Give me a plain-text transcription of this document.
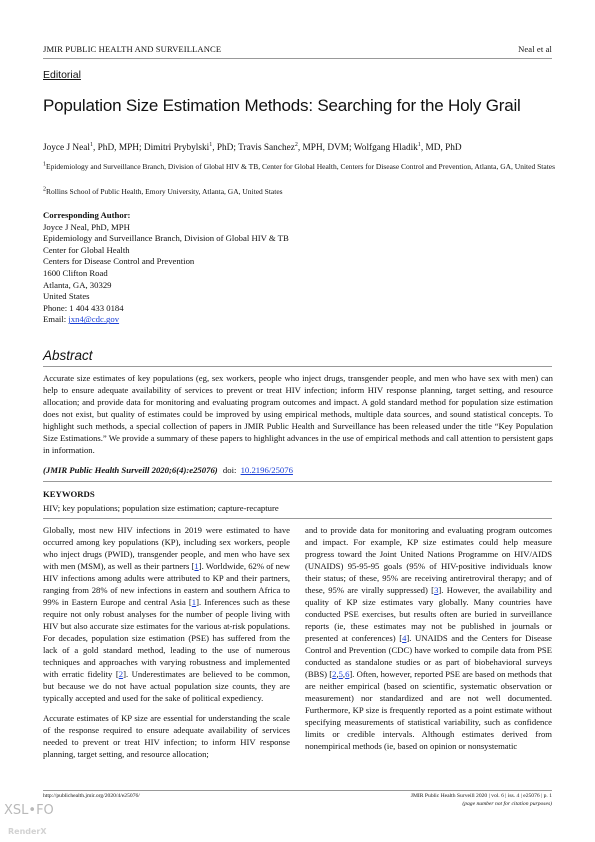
JMIR PUBLIC HEALTH AND SURVEILLANCE	Neal et al
Editorial
Population Size Estimation Methods: Searching for the Holy Grail
Joyce J Neal$^1$, PhD, MPH; Dimitri Prybylski$^1$, PhD; Travis Sanchez$^2$, MPH, DVM; Wolfgang Hladik$^1$, MD, PhD
$^1$Epidemiology and Surveillance Branch, Division of Global HIV & TB, Center for Global Health, Centers for Disease Control and Prevention, Atlanta, GA, United States
$^2$Rollins School of Public Health, Emory University, Atlanta, GA, United States
Corresponding Author:
Joyce J Neal, PhD, MPH
Epidemiology and Surveillance Branch, Division of Global HIV & TB
Center for Global Health
Centers for Disease Control and Prevention
1600 Clifton Road
Atlanta, GA, 30329
United States
Phone: 1 404 433 0184
Email: jxn4@cdc.gov
Abstract
Accurate size estimates of key populations (eg, sex workers, people who inject drugs, transgender people, and men who have sex with men) can help to ensure adequate availability of services to prevent or treat HIV infection; inform HIV response planning, target setting, and resource allocation; and provide data for monitoring and evaluating program outcomes and impact. A gold standard method for population size estimation does not exist, but quality of estimates could be improved by using empirical methods, multiple data sources, and sound statistical concepts. To highlight such methods, a special collection of papers in JMIR Public Health and Surveillance has been released under the title “Key Population Size Estimations.” We provide a summary of these papers to highlight advances in the use of empirical methods and call attention to persistent gaps in information.
(JMIR Public Health Surveill 2020;6(4):e25076) doi: 10.2196/25076
KEYWORDS
HIV; key populations; population size estimation; capture-recapture

Globally, most new HIV infections in 2019 were estimated to have occurred among key populations (KP), including sex workers, people who inject drugs (PWID), transgender people, and men who have sex with men (MSM), as well as their partners [1]. Worldwide, 62% of new HIV infections among adults were attributed to KP and their partners, ranging from 28% of new infections in eastern and southern Africa to 99% in Eastern Europe and central Asia [1]. Inferences such as these require not only robust analyses for the number of people living with HIV but also accurate size estimates for the various at-risk populations. For decades, population size estimation (PSE) has suffered from the lack of a gold standard method, leading to the use of numerous techniques and approaches with varying robustness and implemented with erratic fidelity [2]. Underestimates are believed to be common, but because we do not have actual population size counts, they are typically accepted and used for the sake of political expediency.

Accurate estimates of KP size are essential for understanding the scale of the response required to ensure adequate availability of services needed to prevent or treat HIV infection; to inform HIV response planning, target setting, and resource allocation;

and to provide data for monitoring and evaluating program outcomes and impact. For example, KP size estimates could help measure progress toward the Joint United Nations Programme on HIV/AIDS (UNAIDS) 95-95-95 goals (95% of HIV-positive individuals know their status; of these, 95% are receiving antiretroviral therapy; and of these, 95% are virally suppressed) [3]. However, the availability and quality of KP size estimates vary globally. Many countries have conducted PSE exercises, but results often are buried in surveillance reports (ie, these estimates may not be published in journals or presented at conferences) [4]. UNAIDS and the Centers for Disease Control and Prevention (CDC) have worked to compile data from PSE conducted as standalone studies or as part of biobehavioral surveys (BBS) [2,5,6]. Often, however, reported PSE are based on methods that are neither empirical (based on scientific, systematic observation or measurement) nor standardized and are not well documented. Furthermore, KP size is frequently reported as a point estimate without specifying measurements of statistical variability, such as confidence limits or credible intervals. Although estimates derived from nonempirical methods (ie, based on opinion or nonsystematic

http://publichealth.jmir.org/2020/4/e25076/	JMIR Public Health Surveill 2020 | vol. 6 | iss. 4 | e25076 | p. 1
(page number not for citation purposes)
XSL•FO
RenderX
